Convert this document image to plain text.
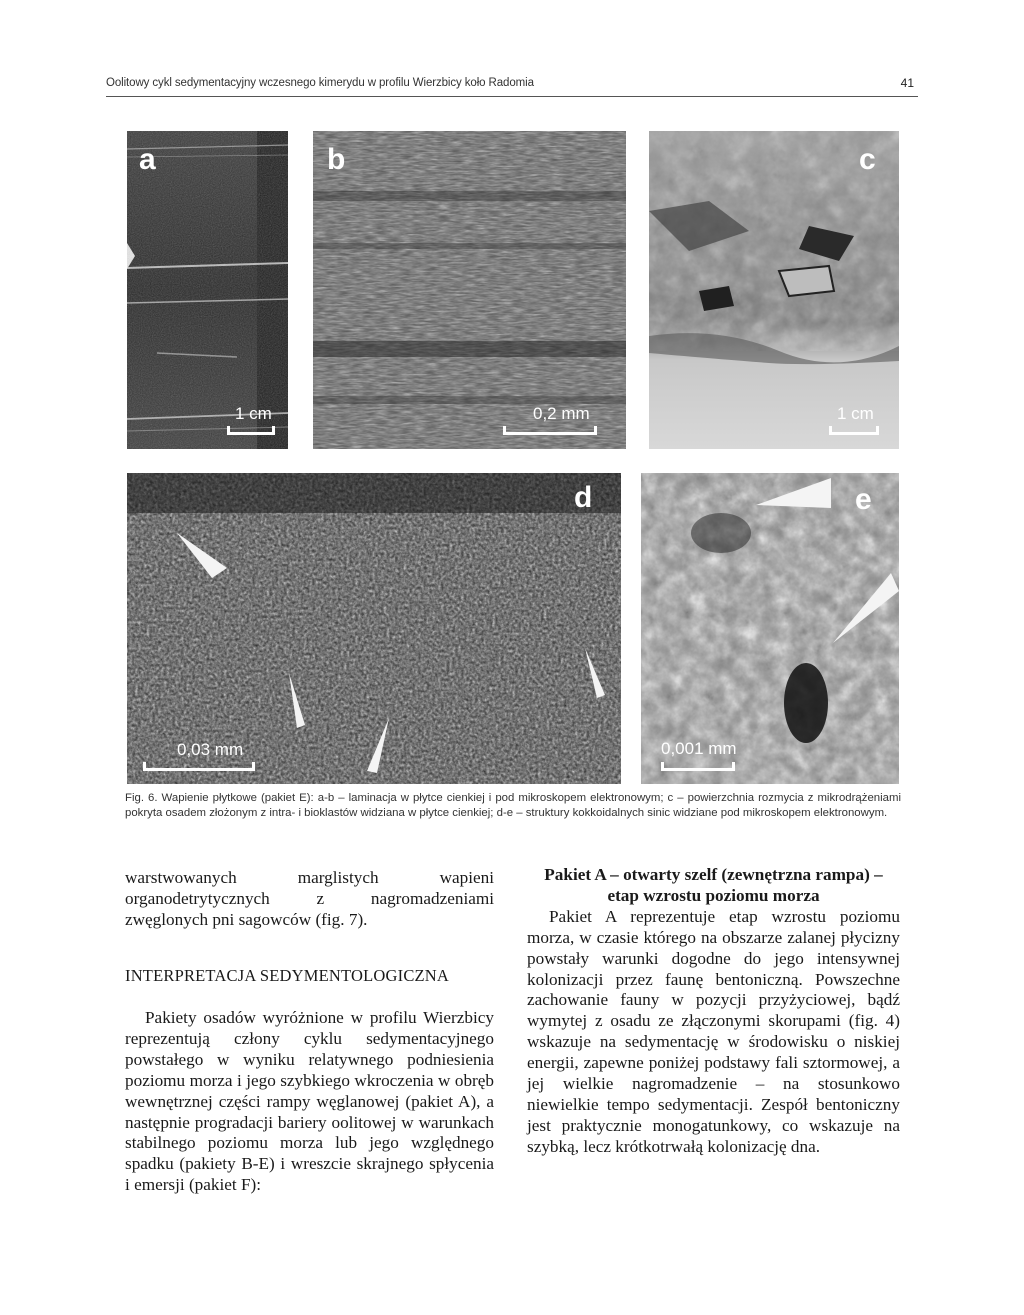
Oolitowy cykl sedymentacyjny wczesnego kimerydu w profilu Wierzbicy koło Radomia	41
a
1 cm
b
0,2 mm
c
1 cm
d
0,03 mm
e
0,001 mm

Fig. 6. Wapienie płytkowe (pakiet E): a-b – laminacja w płytce cienkiej i pod mikroskopem elektronowym; c – powierzchnia rozmycia z mikrodrążeniami pokryta osadem złożonym z intra- i bioklastów widziana w płytce cienkiej; d-e – struktury kokkoidalnych sinic widziane pod mikroskopem elektronowym.

warstwowanych marglistych wapieni organodetrytycznych z nagromadzeniami zwęglonych pni sagowców (fig. 7).

INTERPRETACJA SEDYMENTOLOGICZNA

Pakiety osadów wyróżnione w profilu Wierzbicy reprezentują człony cyklu sedymentacyjnego powstałego w wyniku relatywnego podniesienia poziomu morza i jego szybkiego wkroczenia w obręb wewnętrznej części rampy węglanowej (pakiet A), a następnie progradacji bariery oolitowej w warunkach stabilnego poziomu morza lub jego względnego spadku (pakiety B-E) i wreszcie skrajnego spłycenia i emersji (pakiet F):

Pakiet A – otwarty szelf (zewnętrzna rampa) – etap wzrostu poziomu morza

Pakiet A reprezentuje etap wzrostu poziomu morza, w czasie którego na obszarze zalanej płycizny powstały warunki dogodne do jego intensywnej kolonizacji przez faunę bentoniczną. Powszechne zachowanie fauny w pozycji przyżyciowej, bądź wymytej z osadu ze złączonymi skorupami (fig. 4) wskazuje na sedymentację w środowisku o niskiej energii, zapewne poniżej podstawy fali sztormowej, a jej wielkie nagromadzenie – na stosunkowo niewielkie tempo sedymentacji. Zespół bentoniczny jest praktycznie monogatunkowy, co wskazuje na szybką, lecz krótkotrwałą kolonizację dna.
